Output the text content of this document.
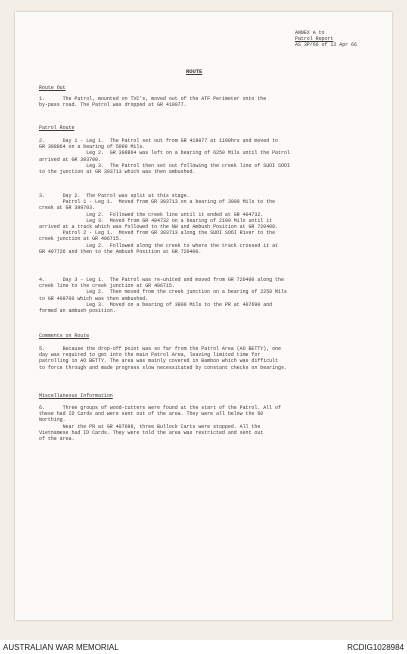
ANNEX A to
Patrol Report
AS 3P/66 of 12 Apr 66
ROUTE
Route Out
1.      The Patrol, mounted on TVC's, moved out of the ATF Perimeter onto the
by-pass road. The Patrol was dropped at GR 419077.
Patrol Route
2.      Day 1 - Leg 1.  The Patrol set out from GR 419077 at 1100hrs and moved to
GR 398864 on a bearing of 5000 Mils.
Leg 2.  GR 398864 was left on a bearing of 6250 Mils until the Patrol
arrived at GR 393700.
Leg 3.  The Patrol then set out following the creek line of SUOI SOOI
to the junction at GR 393713 which was then ambushed.
3.      Day 2.  The Patrol was split at this stage.
Patrol 1 - Leg 1.  Moved from GR 393713 on a bearing of 3000 Mils to the
creek at GR 399703.
Leg 2.  Followed the creek line until it ended at GR 404732.
Leg 3.  Moved from GR 404732 on a bearing of 2100 Mils until it
arrived at a track which was followed to the NW and Ambush Position at GR 720400.
Patrol 2 - Leg 1.  Moved from GR 393713 along the SUOI SOOI River to the
creek junction at GR 406715.
Leg 2.  Followed along the creek to where the track crossed it at
GR 407726 and then to the Ambush Position at GR 720400.
4.      Day 3 - Leg 1.  The Patrol was re-united and moved from GR 720400 along the
creek line to the creek junction at GR 406715.
Leg 2.  Then moved from the creek junction on a bearing of 2250 Mils
to GR 409700 which was then ambushed.
Leg 3.  Moved on a bearing of 3800 Mils to the PR at 407690 and
formed an ambush position.
Comments on Route
5.      Because the drop-off point was so far from the Patrol Area (AO BETTY), one
day was required to get into the main Patrol Area, leaving limited time for
patrolling in AO BETTY. The area was mainly covered in Bamboo which was difficult
to force through and made progress slow necessitated by constant checks on bearings.
Miscellaneous Information
6.      Three groups of wood-cutters were found at the start of the Patrol. All of
these had ID Cards and were sent out of the area. They were all below the 60
Northing.
Near the PR at GR 407699, three Bullock Carts were stopped. All the
Vietnamese had ID Cards. They were told the area was restricted and sent out
of the area.
AUSTRALIAN WAR MEMORIAL	RCDIG1028984
